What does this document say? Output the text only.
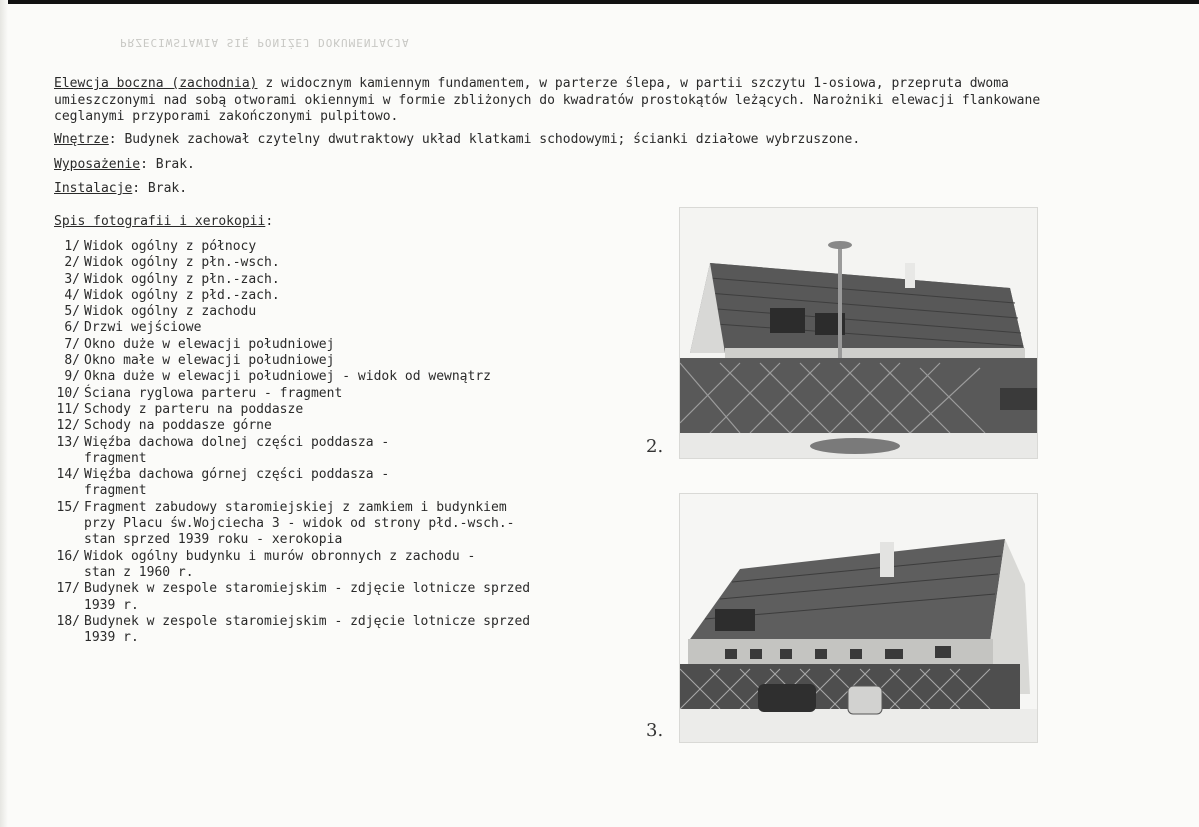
PRZECIWSTAWIA SIĘ PONIŻEJ DOKUMENTACJA
Elewcja boczna (zachodnia) z widocznym kamiennym fundamentem, w parterze ślepa, w partii szczytu 1-osiowa, przepruta dwoma
umieszczonymi nad sobą otworami okiennymi w formie zbliżonych do kwadratów prostokątów leżących. Narożniki elewacji flankowane
ceglanymi przyporami zakończonymi pulpitowo.
Wnętrze: Budynek zachował czytelny dwutraktowy układ klatkami schodowymi; ścianki działowe wybrzuszone.
Wyposażenie: Brak.
Instalacje: Brak.
Spis fotografii i xerokopii:
1/ Widok ogólny z północy
2/ Widok ogólny z płn.-wsch.
3/ Widok ogólny z płn.-zach.
4/ Widok ogólny z płd.-zach.
5/ Widok ogólny z zachodu
6/ Drzwi wejściowe
7/ Okno duże w elewacji południowej
8/ Okno małe w elewacji południowej
9/ Okna duże w elewacji południowej - widok od wewnątrz
10/ Ściana ryglowa parteru - fragment
11/ Schody z parteru na poddasze
12/ Schody na poddasze górne
13/ Więźba dachowa dolnej części poddasza -
fragment
14/ Więźba dachowa górnej części poddasza -
fragment
15/ Fragment zabudowy staromiejskiej z zamkiem i budynkiem
przy Placu św.Wojciecha 3 - widok od strony płd.-wsch.-
stan sprzed 1939 roku - xerokopia
16/ Widok ogólny budynku i murów obronnych z zachodu -
stan z 1960 r.
17/ Budynek w zespole staromiejskim - zdjęcie lotnicze sprzed
1939 r.
18/ Budynek w zespole staromiejskim - zdjęcie lotnicze sprzed
1939 r.
2.
3.
